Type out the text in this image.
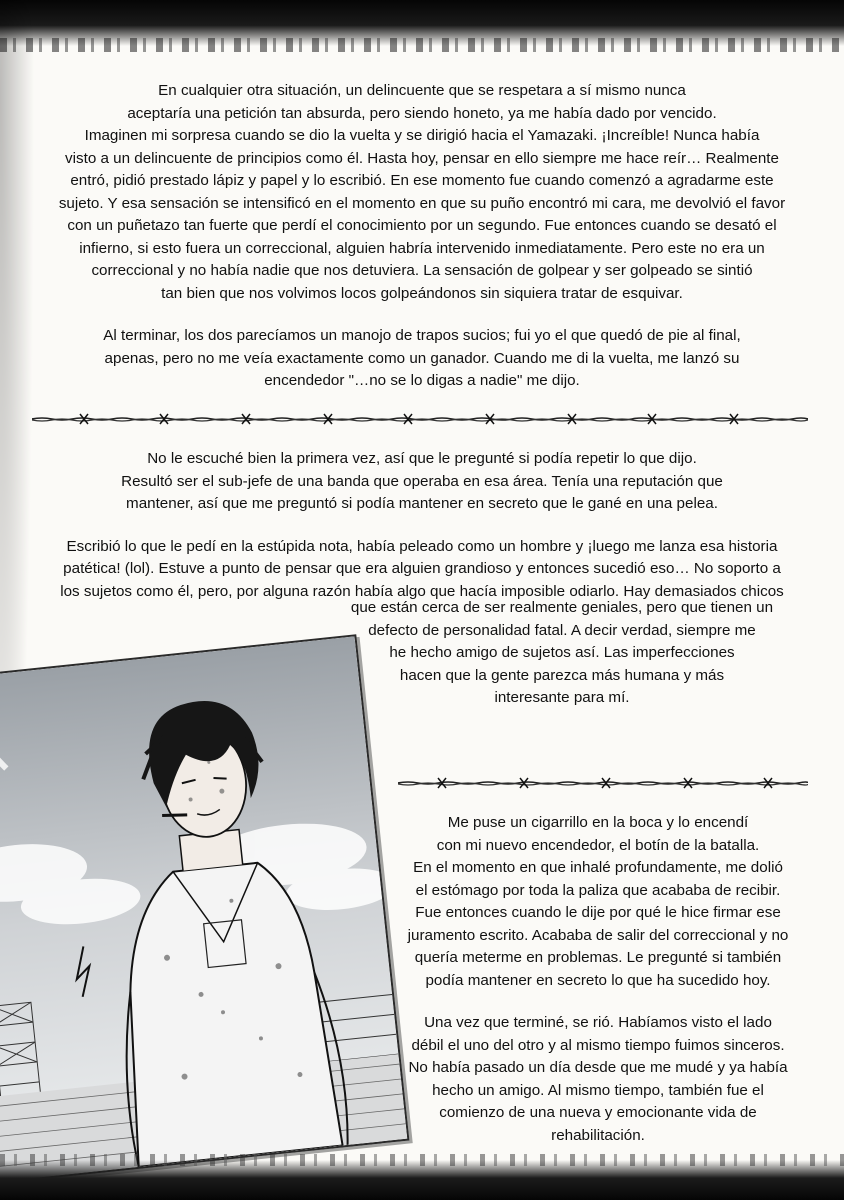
En cualquier otra situación, un delincuente que se respetara a sí mismo nunca
aceptaría una petición tan absurda, pero siendo honeto, ya me había dado por vencido.
Imaginen mi sorpresa cuando se dio la vuelta y se dirigió hacia el Yamazaki. ¡Increíble! Nunca había
visto a un delincuente de principios como él. Hasta hoy, pensar en ello siempre me hace reír… Realmente
entró, pidió prestado lápiz y papel y lo escribió. En ese momento fue cuando comenzó a agradarme este
sujeto. Y esa sensación se intensificó en el momento en que su puño encontró mi cara, me devolvió el favor
con un puñetazo tan fuerte que perdí el conocimiento por un segundo. Fue entonces cuando se desató el
infierno, si esto fuera un correccional, alguien habría intervenido inmediatamente. Pero este no era un
correccional y no había nadie que nos detuviera. La sensación de golpear y ser golpeado se sintió
tan bien que nos volvimos locos golpeándonos sin siquiera tratar de esquivar.

Al terminar, los dos parecíamos un manojo de trapos sucios; fui yo el que quedó de pie al final,
apenas, pero no me veía exactamente como un ganador. Cuando me di la vuelta, me lanzó su
encendedor "…no se lo digas a nadie" me dijo.

No le escuché bien la primera vez, así que le pregunté si podía repetir lo que dijo.
Resultó ser el sub-jefe de una banda que operaba en esa área. Tenía una reputación que
mantener, así que me preguntó si podía mantener en secreto que le gané en una pelea.

Escribió lo que le pedí en la estúpida nota, había peleado como un hombre y ¡luego me lanza esa historia
patética! (lol). Estuve a punto de pensar que era alguien grandioso y entonces sucedió eso… No soporto a
los sujetos como él, pero, por alguna razón había algo que hacía imposible odiarlo. Hay demasiados chicos

que están cerca de ser realmente geniales, pero que tienen un
defecto de personalidad fatal. A decir verdad, siempre me
he hecho amigo de sujetos así. Las imperfecciones
hacen que la gente parezca más humana y más
interesante para mí.

Me puse un cigarrillo en la boca y lo encendí
con mi nuevo encendedor, el botín de la batalla.
En el momento en que inhalé profundamente, me dolió
el estómago por toda la paliza que acababa de recibir.
Fue entonces cuando le dije por qué le hice firmar ese
juramento escrito. Acababa de salir del correccional y no
quería meterme en problemas. Le pregunté si también
podía mantener en secreto lo que ha sucedido hoy.

Una vez que terminé, se rió. Habíamos visto el lado
débil el uno del otro y al mismo tiempo fuimos sinceros.
No había pasado un día desde que me mudé y ya había
hecho un amigo. Al mismo tiempo, también fue el
comienzo de una nueva y emocionante vida de
rehabilitación.
